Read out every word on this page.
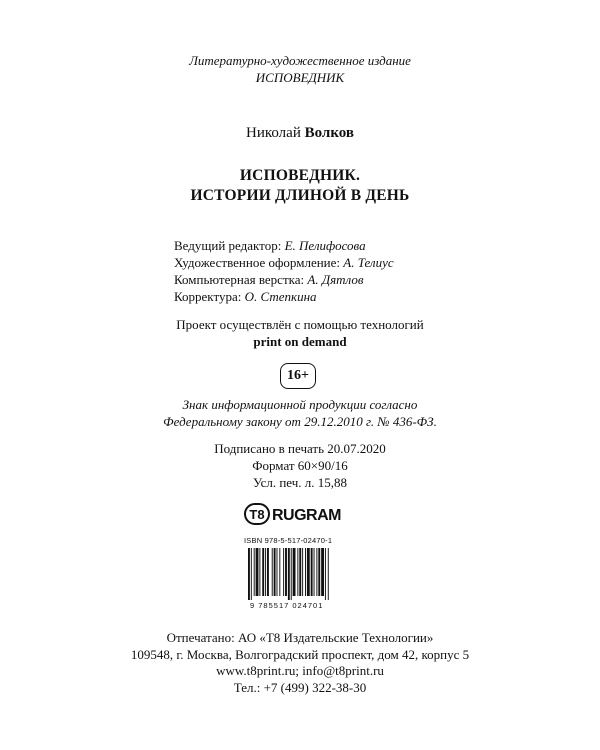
Литературно-художественное издание
ИСПОВЕДНИК
Николай Волков
ИСПОВЕДНИК.
ИСТОРИИ ДЛИНОЙ В ДЕНЬ
Ведущий редактор: Е. Пелифосова
Художественное оформление: А. Телиус
Компьютерная верстка: А. Дятлов
Корректура: О. Степкина
Проект осуществлён с помощью технологий
print on demand
16+
Знак информационной продукции согласно
Федеральному закону от 29.12.2010 г. № 436-ФЗ.
Подписано в печать 20.07.2020
Формат 60×90/16
Усл. печ. л. 15,88
T8 RUGRAM
ISBN 978-5-517-02470-1
9 785517 024701
Отпечатано: АО «Т8 Издательские Технологии»
109548, г. Москва, Волгоградский проспект, дом 42, корпус 5
www.t8print.ru; info@t8print.ru
Тел.: +7 (499) 322-38-30
